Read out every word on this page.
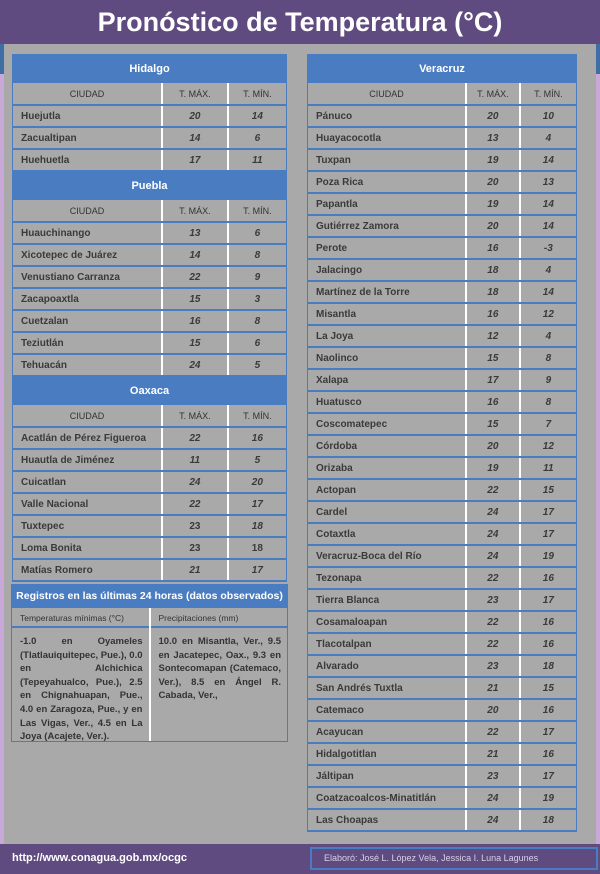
Pronóstico de Temperatura (°C)
Hidalgo		
CIUDAD	T. MÁX.	T. MÍN.
Huejutla	20	14
Zacualtipan	14	6
Huehuetla	17	11
Puebla		
CIUDAD	T. MÁX.	T. MÍN.
Huauchinango	13	6
Xicotepec de Juárez	14	8
Venustiano Carranza	22	9
Zacapoaxtla	15	3
Cuetzalan	16	8
Teziutlán	15	6
Tehuacán	24	5
Oaxaca		
CIUDAD	T. MÁX.	T. MÍN.
Acatlán de Pérez Figueroa	22	16
Huautla de Jiménez	11	5
Cuicatlan	24	20
Valle Nacional	22	17
Tuxtepec	23	18
Loma Bonita	23	18
Matías Romero	21	17
Veracruz		
CIUDAD	T. MÁX.	T. MÍN.
Pánuco	20	10
Huayacocotla	13	4
Tuxpan	19	14
Poza Rica	20	13
Papantla	19	14
Gutiérrez Zamora	20	14
Perote	16	-3
Jalacingo	18	4
Martínez de la Torre	18	14
Misantla	16	12
La Joya	12	4
Naolinco	15	8
Xalapa	17	9
Huatusco	16	8
Coscomatepec	15	7
Córdoba	20	12
Orizaba	19	11
Actopan	22	15
Cardel	24	17
Cotaxtla	24	17
Veracruz-Boca del Río	24	19
Tezonapa	22	16
Tierra Blanca	23	17
Cosamaloapan	22	16
Tlacotalpan	22	16
Alvarado	23	18
San Andrés Tuxtla	21	15
Catemaco	20	16
Acayucan	22	17
Hidalgotitlan	21	16
Jáltipan	23	17
Coatzacoalcos-Minatitlán	24	19
Las Choapas	24	18
Registros en las últimas 24 horas (datos observados)
Temperaturas mínimas (°C)
-1.0 en Oyameles (Tlatlauiquitepec, Pue.), 0.0 en Alchichica (Tepeyahualco, Pue.), 2.5 en Chignahuapan, Pue., 4.0 en Zaragoza, Pue., y en Las Vigas, Ver., 4.5 en La Joya (Acajete, Ver.).
Precipitaciones (mm)
10.0 en Misantla, Ver., 9.5 en Jacatepec, Oax., 9.3 en Sontecomapan (Catemaco, Ver.), 8.5 en Ángel R. Cabada, Ver.,
http://www.conagua.gob.mx/ocgc	Elaboró: José L. López Vela, Jessica I. Luna Lagunes
